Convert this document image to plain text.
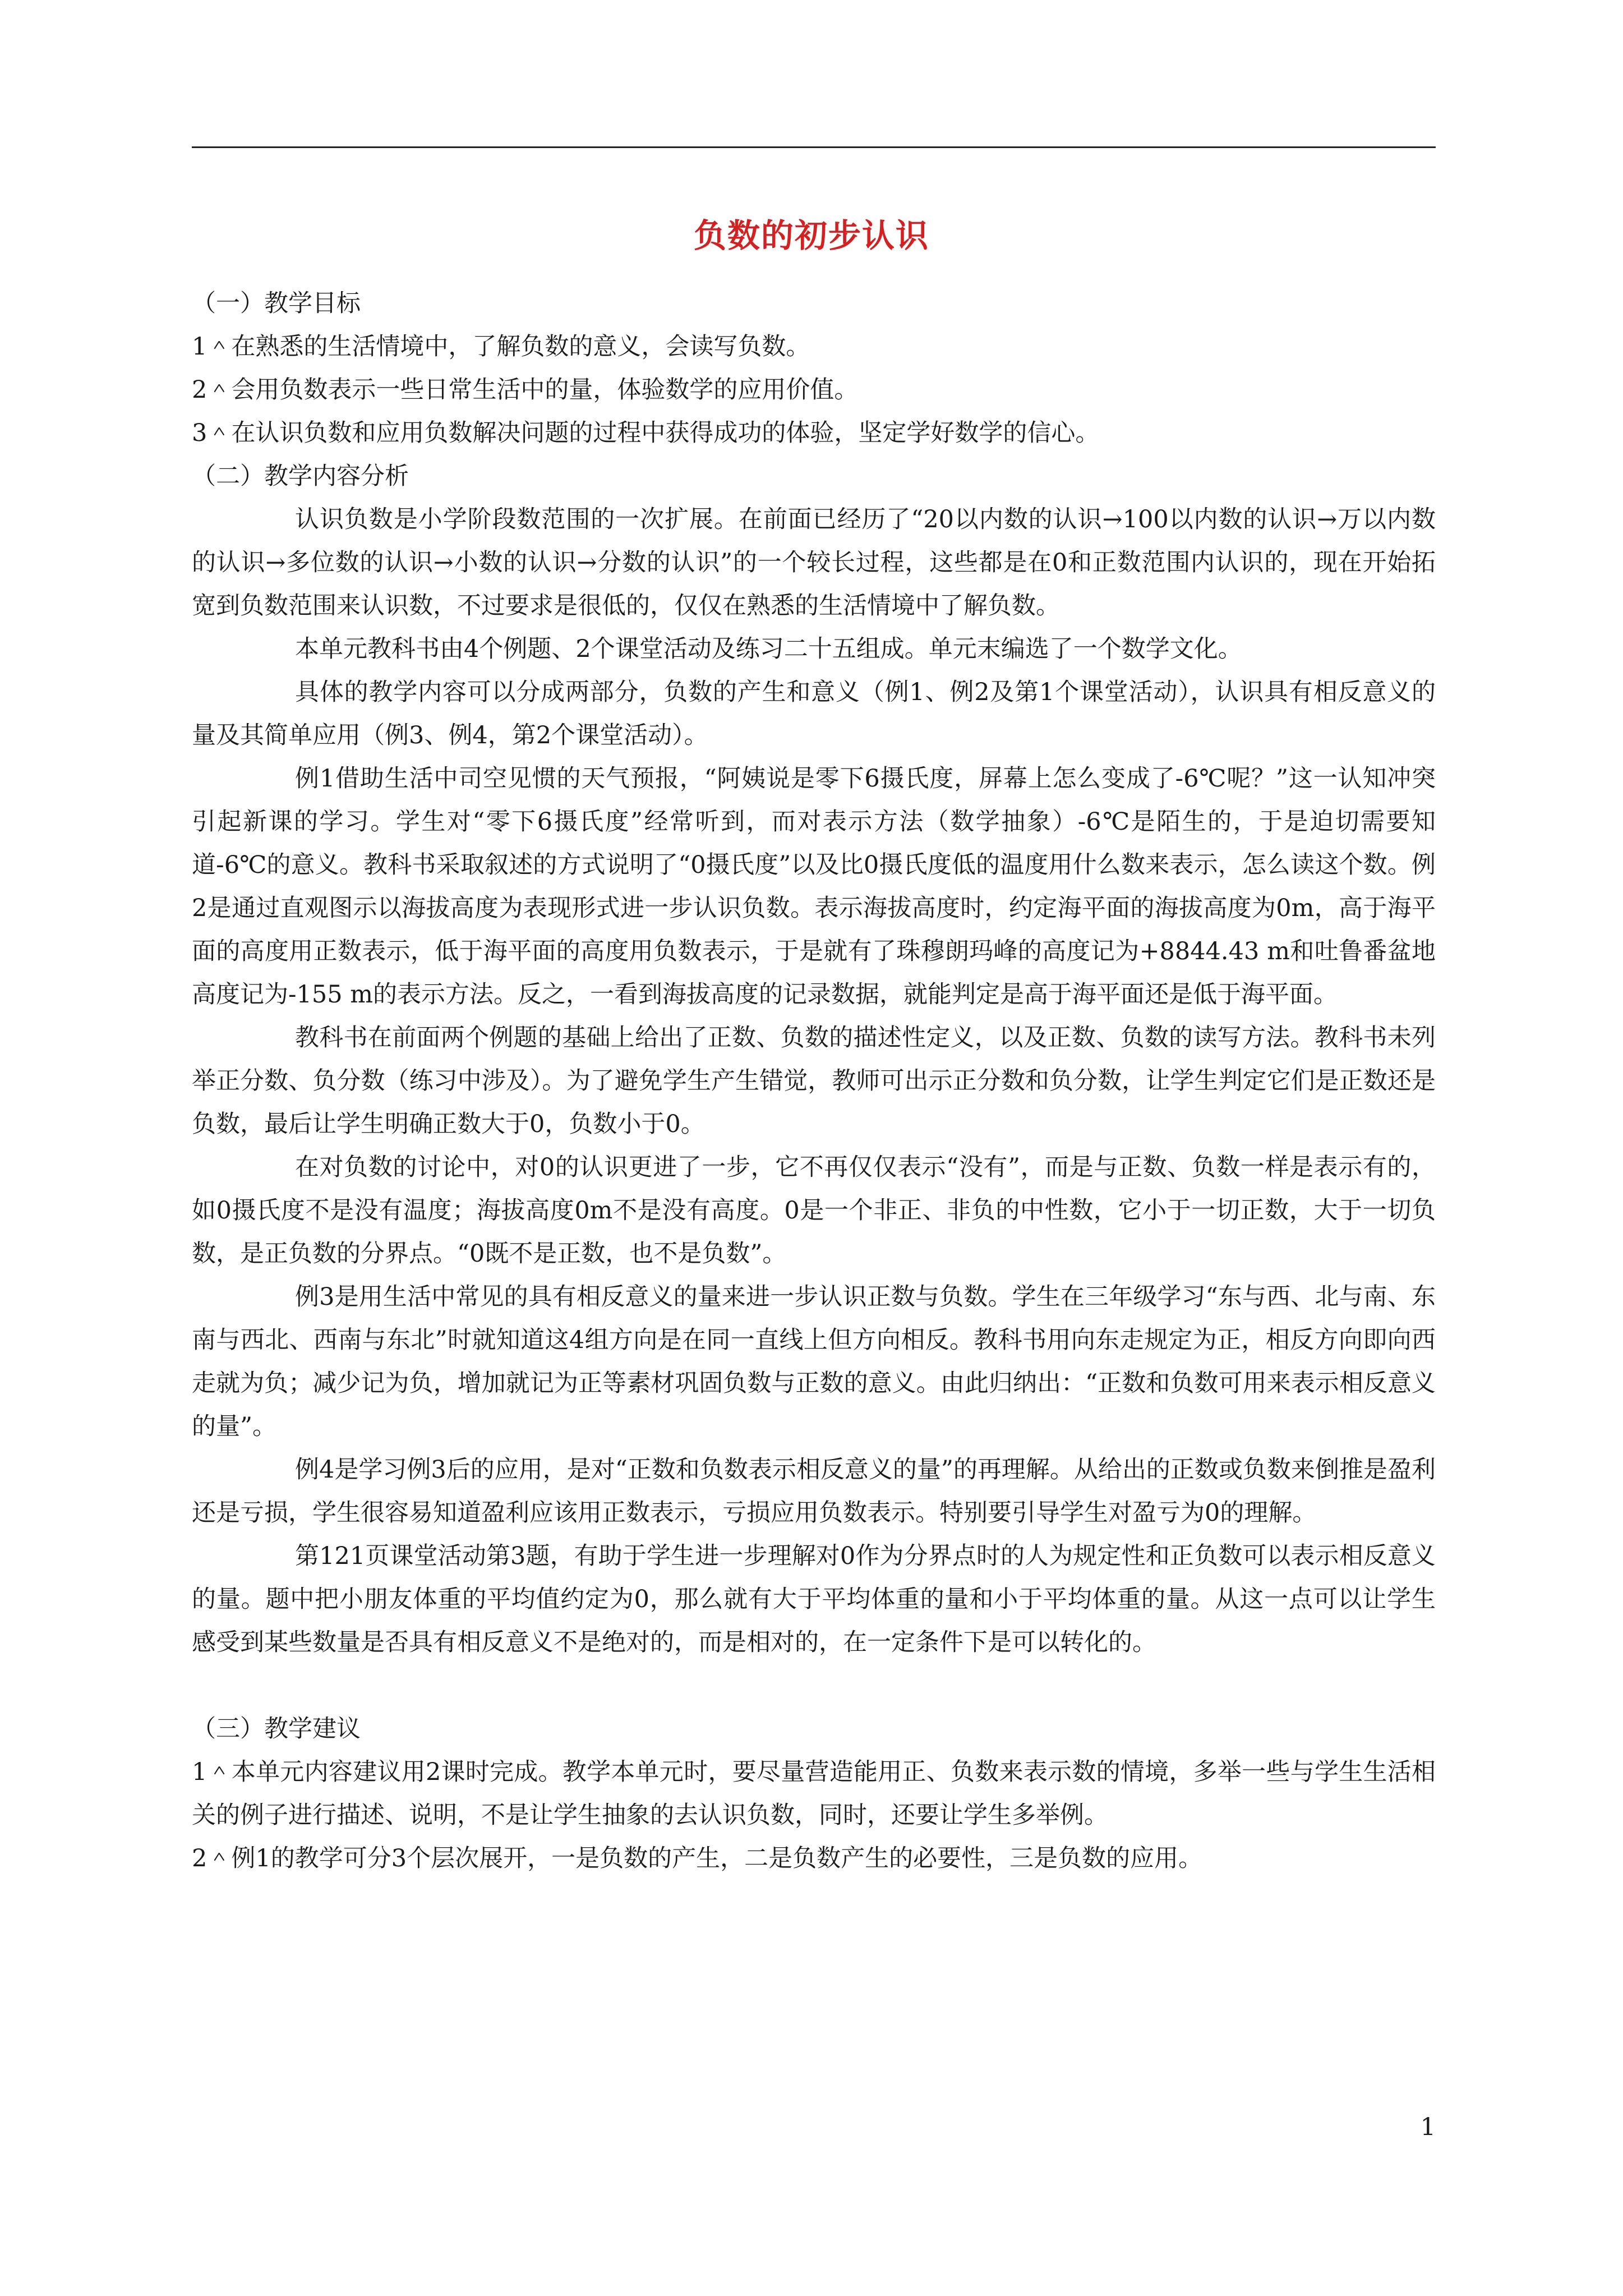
负数的初步认识

（一）教学目标

1＾在熟悉的生活情境中，了解负数的意义，会读写负数。

2＾会用负数表示一些日常生活中的量，体验数学的应用价值。

3＾在认识负数和应用负数解决问题的过程中获得成功的体验，坚定学好数学的信心。

（二）教学内容分析

认识负数是小学阶段数范围的一次扩展。在前面已经历了“20以内数的认识→100以内数的认识→万以内数的认识→多位数的认识→小数的认识→分数的认识”的一个较长过程，这些都是在0和正数范围内认识的，现在开始拓宽到负数范围来认识数，不过要求是很低的，仅仅在熟悉的生活情境中了解负数。

本单元教科书由4个例题、2个课堂活动及练习二十五组成。单元末编选了一个数学文化。

具体的教学内容可以分成两部分，负数的产生和意义（例1、例2及第1个课堂活动），认识具有相反意义的量及其简单应用（例3、例4，第2个课堂活动）。

例1借助生活中司空见惯的天气预报，“阿姨说是零下6摄氏度，屏幕上怎么变成了-6℃呢？”这一认知冲突引起新课的学习。学生对“零下6摄氏度”经常听到，而对表示方法（数学抽象）-6℃是陌生的，于是迫切需要知道-6℃的意义。教科书采取叙述的方式说明了“0摄氏度”以及比0摄氏度低的温度用什么数来表示，怎么读这个数。例2是通过直观图示以海拔高度为表现形式进一步认识负数。表示海拔高度时，约定海平面的海拔高度为0m，高于海平面的高度用正数表示，低于海平面的高度用负数表示，于是就有了珠穆朗玛峰的高度记为+8844.43 m和吐鲁番盆地高度记为-155 m的表示方法。反之，一看到海拔高度的记录数据，就能判定是高于海平面还是低于海平面。

教科书在前面两个例题的基础上给出了正数、负数的描述性定义，以及正数、负数的读写方法。教科书未列举正分数、负分数（练习中涉及）。为了避免学生产生错觉，教师可出示正分数和负分数，让学生判定它们是正数还是负数，最后让学生明确正数大于0，负数小于0。

在对负数的讨论中，对0的认识更进了一步，它不再仅仅表示“没有”，而是与正数、负数一样是表示有的，如0摄氏度不是没有温度；海拔高度0m不是没有高度。0是一个非正、非负的中性数，它小于一切正数，大于一切负数，是正负数的分界点。“0既不是正数，也不是负数”。

例3是用生活中常见的具有相反意义的量来进一步认识正数与负数。学生在三年级学习“东与西、北与南、东南与西北、西南与东北”时就知道这4组方向是在同一直线上但方向相反。教科书用向东走规定为正，相反方向即向西走就为负；减少记为负，增加就记为正等素材巩固负数与正数的意义。由此归纳出：“正数和负数可用来表示相反意义的量”。

例4是学习例3后的应用，是对“正数和负数表示相反意义的量”的再理解。从给出的正数或负数来倒推是盈利还是亏损，学生很容易知道盈利应该用正数表示，亏损应用负数表示。特别要引导学生对盈亏为0的理解。

第121页课堂活动第3题，有助于学生进一步理解对0作为分界点时的人为规定性和正负数可以表示相反意义的量。题中把小朋友体重的平均值约定为0，那么就有大于平均体重的量和小于平均体重的量。从这一点可以让学生感受到某些数量是否具有相反意义不是绝对的，而是相对的，在一定条件下是可以转化的。

（三）教学建议

1＾本单元内容建议用2课时完成。教学本单元时，要尽量营造能用正、负数来表示数的情境，多举一些与学生生活相关的例子进行描述、说明，不是让学生抽象的去认识负数，同时，还要让学生多举例。

2＾例1的教学可分3个层次展开，一是负数的产生，二是负数产生的必要性，三是负数的应用。

1
